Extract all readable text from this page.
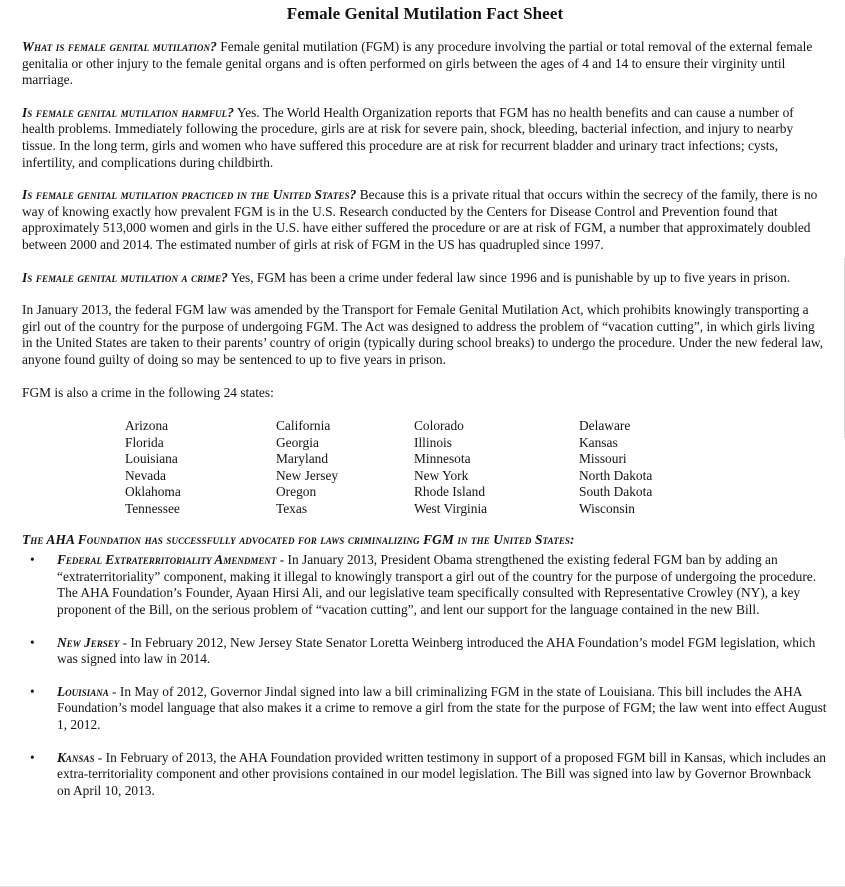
Female Genital Mutilation Fact Sheet

What is female genital mutilation? Female genital mutilation (FGM) is any procedure involving the partial or total removal of the external female genitalia or other injury to the female genital organs and is often performed on girls between the ages of 4 and 14 to ensure their virginity until marriage.

Is female genital mutilation harmful? Yes. The World Health Organization reports that FGM has no health benefits and can cause a number of health problems. Immediately following the procedure, girls are at risk for severe pain, shock, bleeding, bacterial infection, and injury to nearby tissue. In the long term, girls and women who have suffered this procedure are at risk for recurrent bladder and urinary tract infections; cysts, infertility, and complications during childbirth.

Is female genital mutilation practiced in the United States? Because this is a private ritual that occurs within the secrecy of the family, there is no way of knowing exactly how prevalent FGM is in the U.S. Research conducted by the Centers for Disease Control and Prevention found that approximately 513,000 women and girls in the U.S. have either suffered the procedure or are at risk of FGM, a number that approximately doubled between 2000 and 2014. The estimated number of girls at risk of FGM in the US has quadrupled since 1997.

Is female genital mutilation a crime? Yes, FGM has been a crime under federal law since 1996 and is punishable by up to five years in prison.

In January 2013, the federal FGM law was amended by the Transport for Female Genital Mutilation Act, which prohibits knowingly transporting a girl out of the country for the purpose of undergoing FGM. The Act was designed to address the problem of “vacation cutting”, in which girls living in the United States are taken to their parents’ country of origin (typically during school breaks) to undergo the procedure. Under the new federal law, anyone found guilty of doing so may be sentenced to up to five years in prison.

FGM is also a crime in the following 24 states:

Arizona	California	Colorado	Delaware
Florida	Georgia	Illinois	Kansas
Louisiana	Maryland	Minnesota	Missouri
Nevada	New Jersey	New York	North Dakota
Oklahoma	Oregon	Rhode Island	South Dakota
Tennessee	Texas	West Virginia	Wisconsin

The AHA Foundation has successfully advocated for laws criminalizing FGM in the United States:

• Federal Extraterritoriality Amendment - In January 2013, President Obama strengthened the existing federal FGM ban by adding an “extraterritoriality” component, making it illegal to knowingly transport a girl out of the country for the purpose of undergoing the procedure. The AHA Foundation’s Founder, Ayaan Hirsi Ali, and our legislative team specifically consulted with Representative Crowley (NY), a key proponent of the Bill, on the serious problem of “vacation cutting”, and lent our support for the language contained in the new Bill.
• New Jersey - In February 2012, New Jersey State Senator Loretta Weinberg introduced the AHA Foundation’s model FGM legislation, which was signed into law in 2014.
• Louisiana - In May of 2012, Governor Jindal signed into law a bill criminalizing FGM in the state of Louisiana. This bill includes the AHA Foundation’s model language that also makes it a crime to remove a girl from the state for the purpose of FGM; the law went into effect August 1, 2012.
• Kansas - In February of 2013, the AHA Foundation provided written testimony in support of a proposed FGM bill in Kansas, which includes an extra-territoriality component and other provisions contained in our model legislation. The Bill was signed into law by Governor Brownback on April 10, 2013.
